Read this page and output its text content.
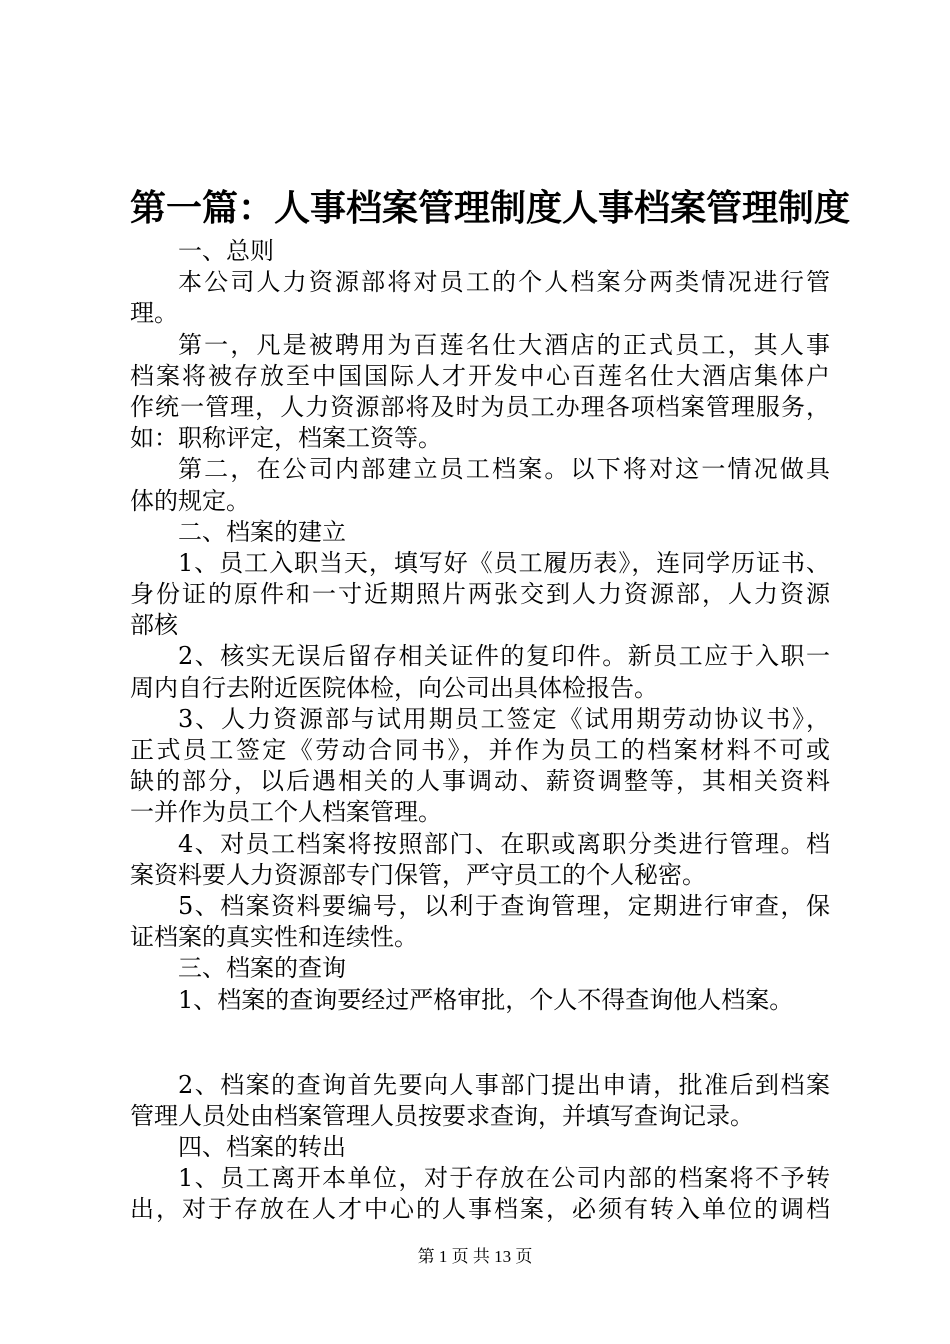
第一篇：人事档案管理制度人事档案管理制度
一、总则
本公司人力资源部将对员工的个人档案分两类情况进行管
理。
第一，凡是被聘用为百莲名仕大酒店的正式员工，其人事
档案将被存放至中国国际人才开发中心百莲名仕大酒店集体户
作统一管理，人力资源部将及时为员工办理各项档案管理服务，
如：职称评定，档案工资等。
第二，在公司内部建立员工档案。以下将对这一情况做具
体的规定。
二、档案的建立
1、员工入职当天，填写好《员工履历表》，连同学历证书、
身份证的原件和一寸近期照片两张交到人力资源部，人力资源
部核
2、核实无误后留存相关证件的复印件。新员工应于入职一
周内自行去附近医院体检，向公司出具体检报告。
3、人力资源部与试用期员工签定《试用期劳动协议书》，
正式员工签定《劳动合同书》，并作为员工的档案材料不可或
缺的部分，以后遇相关的人事调动、薪资调整等，其相关资料
一并作为员工个人档案管理。
4、对员工档案将按照部门、在职或离职分类进行管理。档
案资料要人力资源部专门保管，严守员工的个人秘密。
5、档案资料要编号，以利于查询管理，定期进行审查，保
证档案的真实性和连续性。
三、档案的查询
1、档案的查询要经过严格审批，个人不得查询他人档案。
2、档案的查询首先要向人事部门提出申请，批准后到档案
管理人员处由档案管理人员按要求查询，并填写查询记录。
四、档案的转出
1、员工离开本单位，对于存放在公司内部的档案将不予转
出，对于存放在人才中心的人事档案，必须有转入单位的调档
第 1 页 共 13 页
